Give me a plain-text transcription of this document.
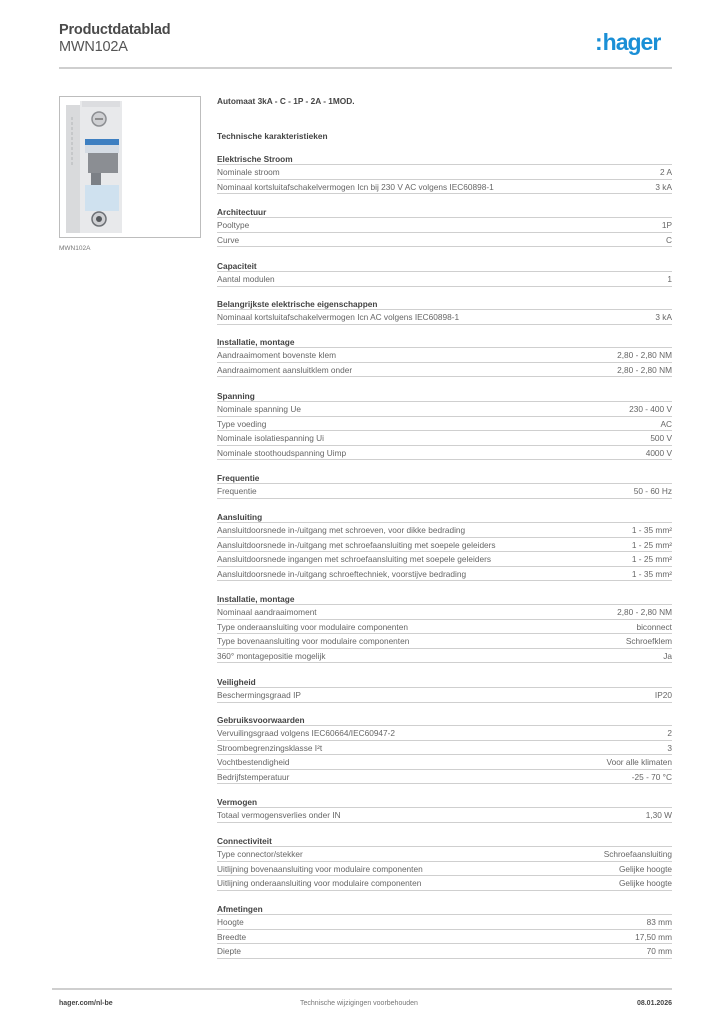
Productdatablad
MWN102A	:hager
MWN102A
Automaat 3kA - C - 1P - 2A - 1MOD.
Technische karakteristieken
Elektrische Stroom
Nominale stroom	2 A
Nominaal kortsluitafschakelvermogen Icn bij 230 V AC volgens IEC60898-1	3 kA
Architectuur
Pooltype	1P
Curve	C
Capaciteit
Aantal modulen	1
Belangrijkste elektrische eigenschappen
Nominaal kortsluitafschakelvermogen Icn AC volgens IEC60898-1	3 kA
Installatie, montage
Aandraaimoment bovenste klem	2,80 - 2,80 NM
Aandraaimoment aansluitklem onder	2,80 - 2,80 NM
Spanning
Nominale spanning Ue	230 - 400 V
Type voeding	AC
Nominale isolatiespanning Ui	500 V
Nominale stoothoudspanning Uimp	4000 V
Frequentie
Frequentie	50 - 60 Hz
Aansluiting
Aansluitdoorsnede in-/uitgang met schroeven, voor dikke bedrading	1 - 35 mm²
Aansluitdoorsnede in-/uitgang met schroefaansluiting met soepele geleiders	1 - 25 mm²
Aansluitdoorsnede ingangen met schroefaansluiting met soepele geleiders	1 - 25 mm²
Aansluitdoorsnede in-/uitgang schroeftechniek, voorstijve bedrading	1 - 35 mm²
Installatie, montage
Nominaal aandraaimoment	2,80 - 2,80 NM
Type onderaansluiting voor modulaire componenten	biconnect
Type bovenaansluiting voor modulaire componenten	Schroefklem
360° montagepositie mogelijk	Ja
Veiligheid
Beschermingsgraad IP	IP20
Gebruiksvoorwaarden
Vervuilingsgraad volgens IEC60664/IEC60947-2	2
Stroombegrenzingsklasse I²t	3
Vochtbestendigheid	Voor alle klimaten
Bedrijfstemperatuur	-25 - 70 °C
Vermogen
Totaal vermogensverlies onder IN	1,30 W
Connectiviteit
Type connector/stekker	Schroefaansluiting
Uitlijning bovenaansluiting voor modulaire componenten	Gelijke hoogte
Uitlijning onderaansluiting voor modulaire componenten	Gelijke hoogte
Afmetingen
Hoogte	83 mm
Breedte	17,50 mm
Diepte	70 mm
hager.com/nl-be	Technische wijzigingen voorbehouden	08.01.2026
